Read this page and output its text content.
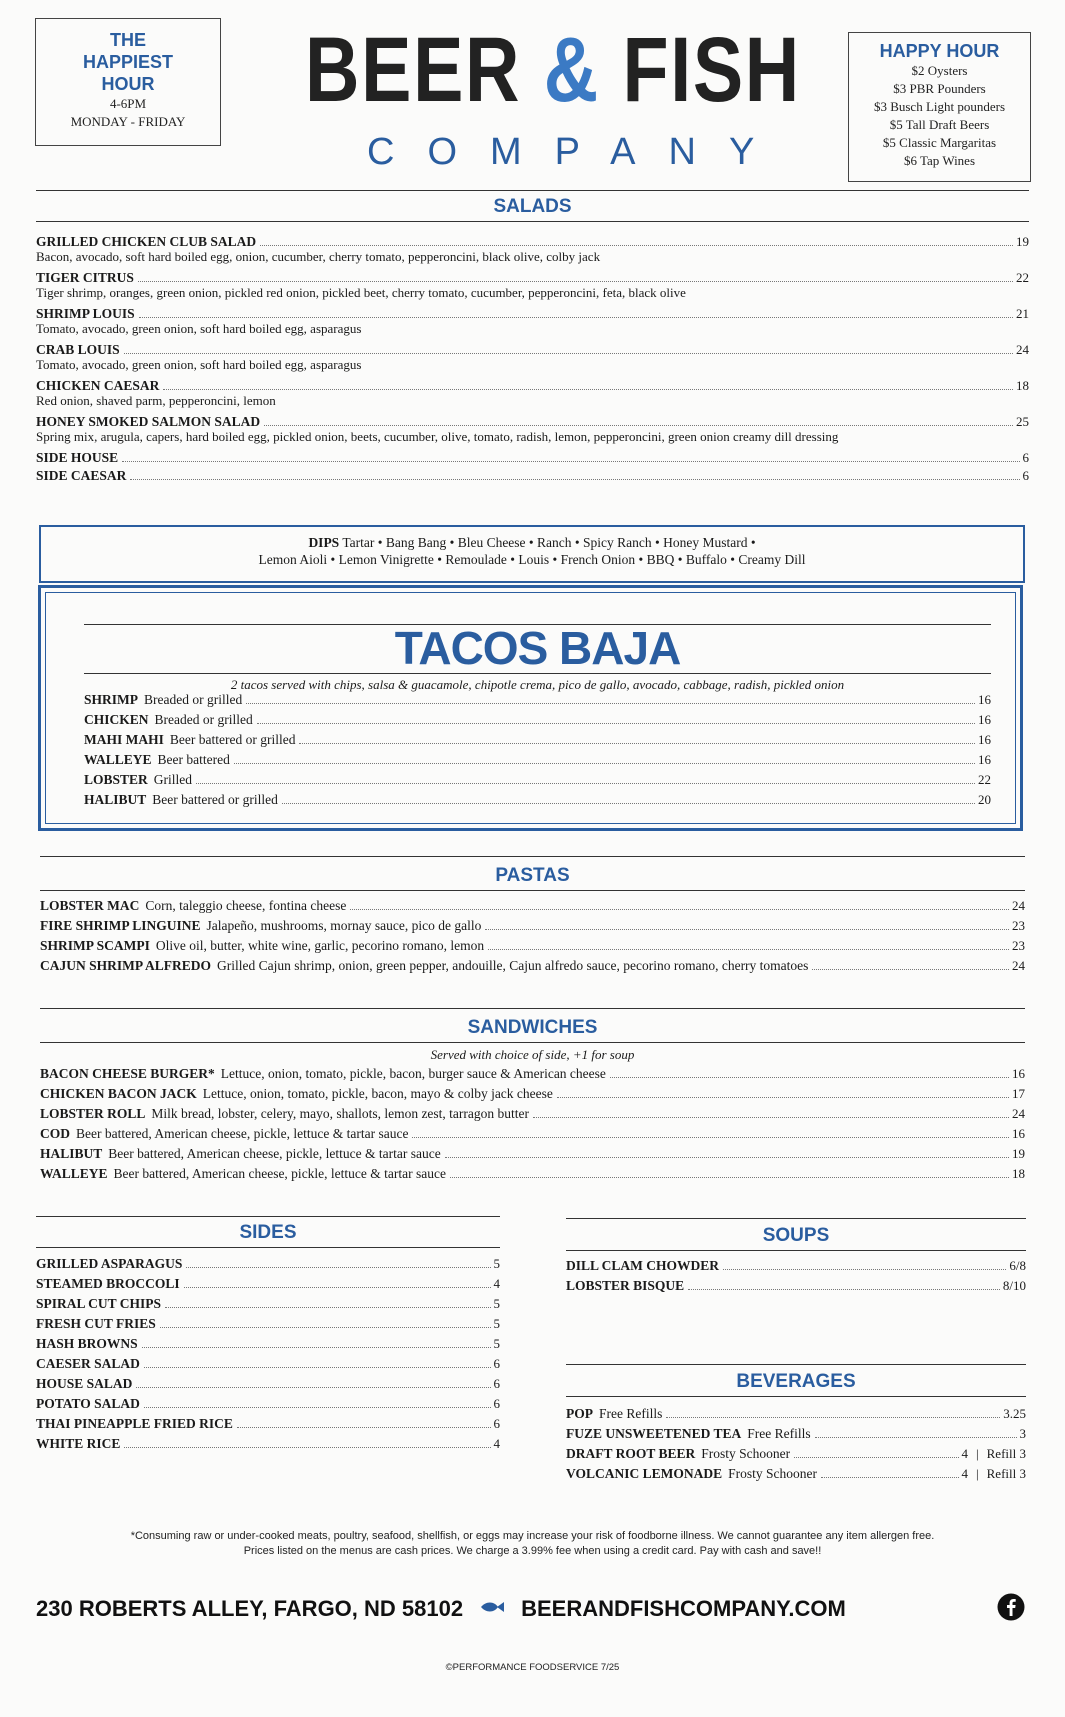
THE
HAPPIEST
HOUR
4-6PM
MONDAY - FRIDAY
BEER & FISH
COMPANY
HAPPY HOUR
$2 Oysters
$3 PBR Pounders
$3 Busch Light pounders
$5 Tall Draft Beers
$5 Classic Margaritas
$6 Tap Wines
SALADS
GRILLED CHICKEN CLUB SALAD	19
Bacon, avocado, soft hard boiled egg, onion, cucumber, cherry tomato, pepperoncini, black olive, colby jack
TIGER CITRUS	22
Tiger shrimp, oranges, green onion, pickled red onion, pickled beet, cherry tomato, cucumber, pepperoncini, feta, black olive
SHRIMP LOUIS	21
Tomato, avocado, green onion, soft hard boiled egg, asparagus
CRAB LOUIS	24
Tomato, avocado, green onion, soft hard boiled egg, asparagus
CHICKEN CAESAR	18
Red onion, shaved parm, pepperoncini, lemon
HONEY SMOKED SALMON SALAD	25
Spring mix, arugula, capers, hard boiled egg, pickled onion, beets, cucumber, olive, tomato, radish, lemon, pepperoncini, green onion creamy dill dressing
SIDE HOUSE	6
SIDE CAESAR	6
DIPS Tartar • Bang Bang • Bleu Cheese • Ranch • Spicy Ranch • Honey Mustard •
Lemon Aioli • Lemon Vinigrette • Remoulade • Louis • French Onion • BBQ • Buffalo • Creamy Dill
TACOS BAJA
2 tacos served with chips, salsa & guacamole, chipotle crema, pico de gallo, avocado, cabbage, radish, pickled onion
SHRIMP Breaded or grilled	16
CHICKEN Breaded or grilled	16
MAHI MAHI Beer battered or grilled	16
WALLEYE Beer battered	16
LOBSTER Grilled	22
HALIBUT Beer battered or grilled	20
PASTAS
LOBSTER MAC Corn, taleggio cheese, fontina cheese	24
FIRE SHRIMP LINGUINE Jalapeño, mushrooms, mornay sauce, pico de gallo	23
SHRIMP SCAMPI Olive oil, butter, white wine, garlic, pecorino romano, lemon	23
CAJUN SHRIMP ALFREDO Grilled Cajun shrimp, onion, green pepper, andouille, Cajun alfredo sauce, pecorino romano, cherry tomatoes	24
SANDWICHES
Served with choice of side, +1 for soup
BACON CHEESE BURGER* Lettuce, onion, tomato, pickle, bacon, burger sauce & American cheese	16
CHICKEN BACON JACK Lettuce, onion, tomato, pickle, bacon, mayo & colby jack cheese	17
LOBSTER ROLL Milk bread, lobster, celery, mayo, shallots, lemon zest, tarragon butter	24
COD Beer battered, American cheese, pickle, lettuce & tartar sauce	16
HALIBUT Beer battered, American cheese, pickle, lettuce & tartar sauce	19
WALLEYE Beer battered, American cheese, pickle, lettuce & tartar sauce	18
SIDES
GRILLED ASPARAGUS	5
STEAMED BROCCOLI	4
SPIRAL CUT CHIPS	5
FRESH CUT FRIES	5
HASH BROWNS	5
CAESER SALAD	6
HOUSE SALAD	6
POTATO SALAD	6
THAI PINEAPPLE FRIED RICE	6
WHITE RICE	4
SOUPS
DILL CLAM CHOWDER	6/8
LOBSTER BISQUE	8/10
BEVERAGES
POP Free Refills	3.25
FUZE UNSWEETENED TEA Free Refills	3
DRAFT ROOT BEER Frosty Schooner	4 | Refill 3
VOLCANIC LEMONADE Frosty Schooner	4 | Refill 3
*Consuming raw or under-cooked meats, poultry, seafood, shellfish, or eggs may increase your risk of foodborne illness. We cannot guarantee any item allergen free.
Prices listed on the menus are cash prices. We charge a 3.99% fee when using a credit card. Pay with cash and save!!
230 ROBERTS ALLEY, FARGO, ND 58102	BEERANDFISHCOMPANY.COM
©PERFORMANCE FOODSERVICE 7/25
